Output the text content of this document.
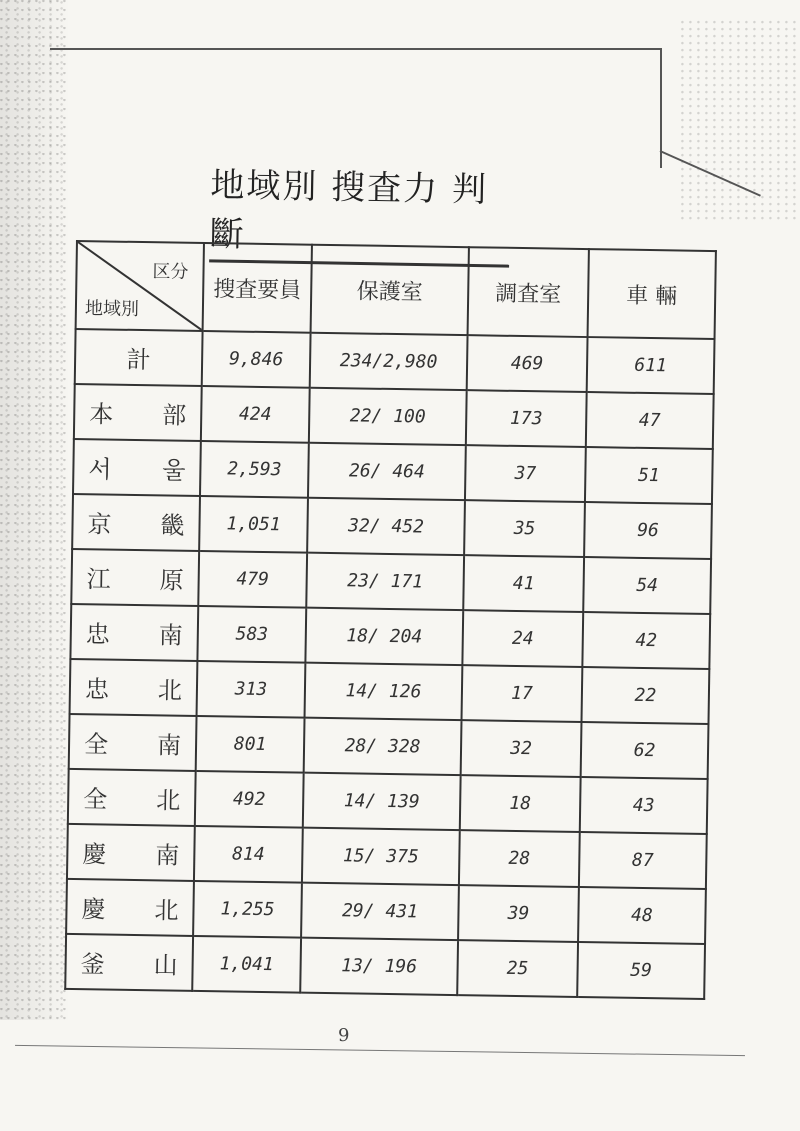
地域別 搜査力 判斷
区分
地域別	搜査要員	保護室	調査室	車 輛

計	9,846	234/2,980	469	611

本 部	424	22/ 100	173	47

서 울	2,593	26/ 464	37	51

京 畿	1,051	32/ 452	35	96

江 原	479	23/ 171	41	54

忠 南	583	18/ 204	24	42

忠 北	313	14/ 126	17	22

全 南	801	28/ 328	32	62

全 北	492	14/ 139	18	43

慶 南	814	15/ 375	28	87

慶 北	1,255	29/ 431	39	48

釜 山	1,041	13/ 196	25	59
9
